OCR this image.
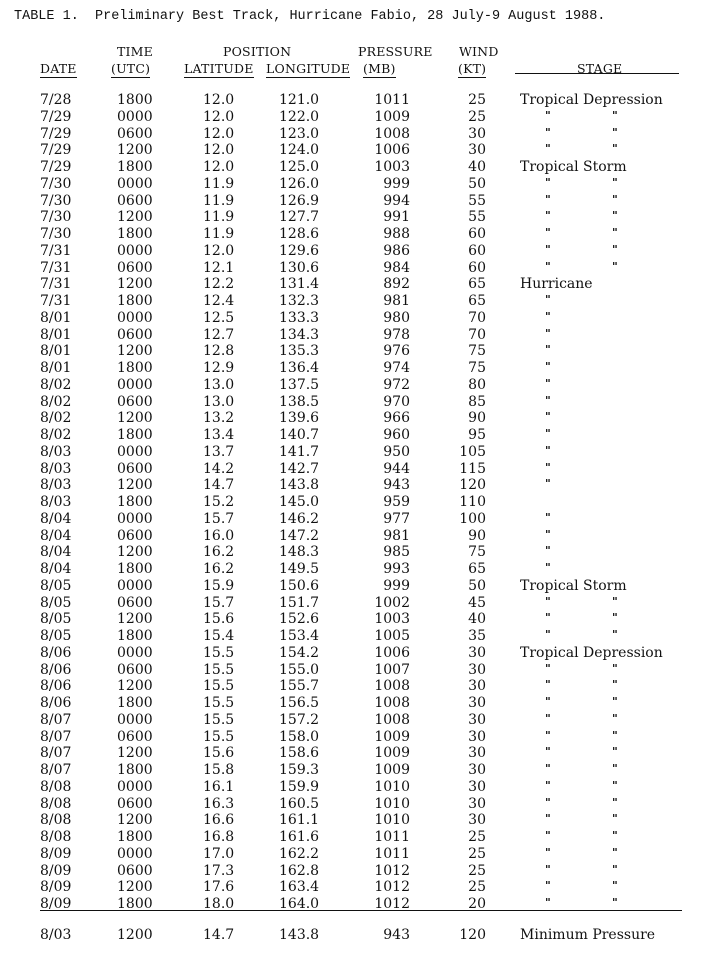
TABLE 1.  Preliminary Best Track, Hurricane Fabio, 28 July-9 August 1988.
TIME	POSITION	PRESSURE WIND
DATE	(UTC)	LATITUDE LONGITUDE (MB)	(KT)	STAGE
7/28	1800	12.0	121.0	1011	25 Tropical Depression
7/29	0000	12.0	122.0	1009	25	"	"
7/29	0600	12.0	123.0	1008	30	"	"
7/29	1200	12.0	124.0	1006	30	"	"
7/29	1800	12.0	125.0	1003	40 Tropical Storm
7/30	0000	11.9	126.0	999	50	"	"
7/30	0600	11.9	126.9	994	55	"	"
7/30	1200	11.9	127.7	991	55	"	"
7/30	1800	11.9	128.6	988	60	"	"
7/31	0000	12.0	129.6	986	60	"	"
7/31	0600	12.1	130.6	984	60	"	"
7/31	1200	12.2	131.4	892	65 Hurricane
7/31	1800	12.4	132.3	981	65	"
8/01	0000	12.5	133.3	980	70	"
8/01	0600	12.7	134.3	978	70	"
8/01	1200	12.8	135.3	976	75	"
8/01	1800	12.9	136.4	974	75	"
8/02	0000	13.0	137.5	972	80	"
8/02	0600	13.0	138.5	970	85	"
8/02	1200	13.2	139.6	966	90	"
8/02	1800	13.4	140.7	960	95	"
8/03	0000	13.7	141.7	950	105	"
8/03	0600	14.2	142.7	944	115	"
8/03	1200	14.7	143.8	943	120	"
8/03	1800	15.2	145.0	959	110
8/04	0000	15.7	146.2	977	100	"
8/04	0600	16.0	147.2	981	90	"
8/04	1200	16.2	148.3	985	75	"
8/04	1800	16.2	149.5	993	65	"
8/05	0000	15.9	150.6	999	50 Tropical Storm
8/05	0600	15.7	151.7	1002	45	"	"
8/05	1200	15.6	152.6	1003	40	"	"
8/05	1800	15.4	153.4	1005	35	"	"
8/06	0000	15.5	154.2	1006	30 Tropical Depression
8/06	0600	15.5	155.0	1007	30	"	"
8/06	1200	15.5	155.7	1008	30	"	"
8/06	1800	15.5	156.5	1008	30	"	"
8/07	0000	15.5	157.2	1008	30	"	"
8/07	0600	15.5	158.0	1009	30	"	"
8/07	1200	15.6	158.6	1009	30	"	"
8/07	1800	15.8	159.3	1009	30	"	"
8/08	0000	16.1	159.9	1010	30	"	"
8/08	0600	16.3	160.5	1010	30	"	"
8/08	1200	16.6	161.1	1010	30	"	"
8/08	1800	16.8	161.6	1011	25	"	"
8/09	0000	17.0	162.2	1011	25	"	"
8/09	0600	17.3	162.8	1012	25	"	"
8/09	1200	17.6	163.4	1012	25	"	"
8/09	1800	18.0	164.0	1012	20	"	"
8/03	1200	14.7	143.8	943	120 Minimum Pressure
